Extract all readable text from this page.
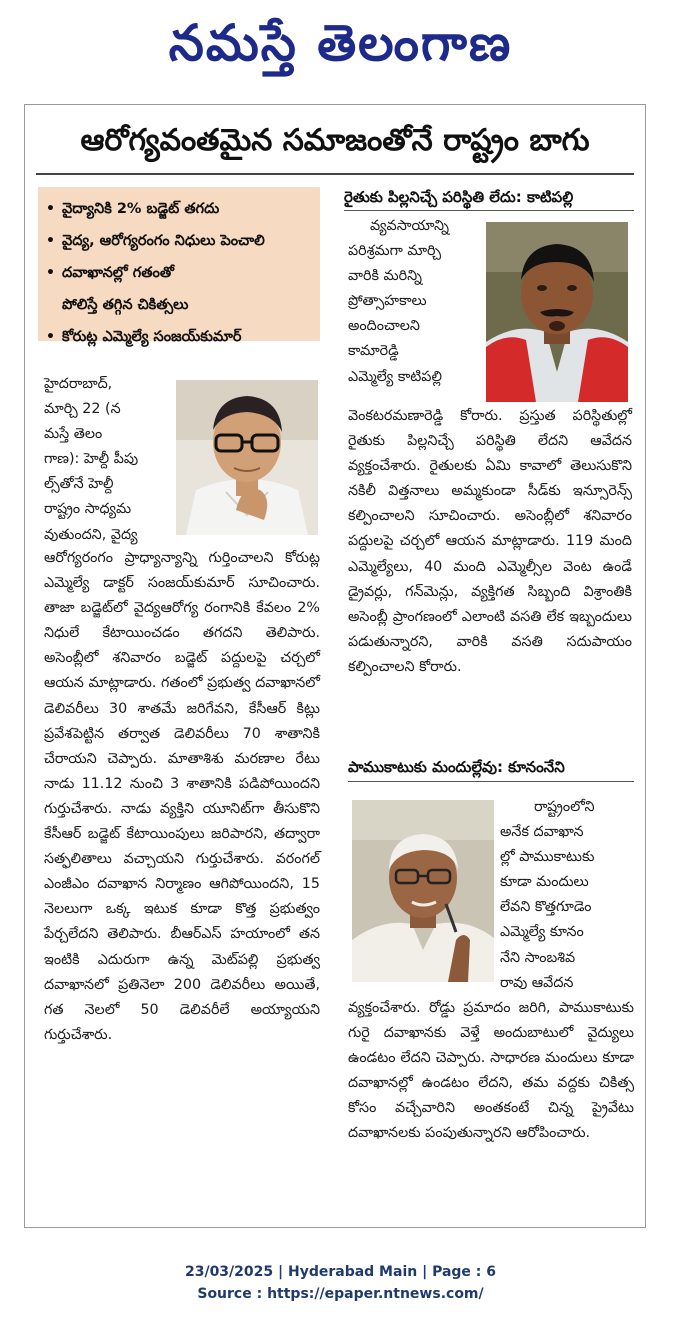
నమస్తే తెలంగాణ
ఆరోగ్యవంతమైన సమాజంతోనే రాష్ట్రం బాగు
• వైద్యానికి 2% బడ్జెట్ తగదు
• వైద్య, ఆరోగ్యరంగం నిధులు పెంచాలి
• దవాఖానల్లో గతంతో
పోలిస్తే తగ్గిన చికిత్సలు
• కోరుట్ల ఎమ్మెల్యే సంజయ్‌కుమార్
హైదరాబాద్,
మార్చి 22 (న
మస్తే తెలం
గాణ): హెల్దీ పీపు
ల్స్‌తోనే హెల్దీ
రాష్ట్రం సాధ్యమ
వుతుందని, వైద్య
ఆరోగ్యరంగం ప్రాధ్యాన్యాన్ని గుర్తించాలని కోరుట్ల ఎమ్మెల్యే డాక్టర్ సంజయ్‌కుమార్ సూచించారు. తాజా బడ్జెట్‌లో వైద్యఆరోగ్య రంగానికి కేవలం 2% నిధులే కేటాయించడం తగదని తెలిపారు. అసెంబ్లీలో శనివారం బడ్జెట్ పద్దులపై చర్చలో ఆయన మాట్లాడారు. గతంలో ప్రభుత్వ దవాఖానలో డెలివరీలు 30 శాతమే జరిగేవని, కేసీఆర్ కిట్లు ప్రవేశపెట్టిన తర్వాత డెలివరీలు 70 శాతానికి చేరాయని చెప్పారు. మాతాశిశు మరణాల రేటు నాడు 11.12 నుంచి 3 శాతానికి పడిపోయిందని గుర్తుచేశారు. నాడు వ్యక్తిని యూనిట్‌గా తీసుకొని కేసీఆర్ బడ్జెట్ కేటాయింపులు జరిపారని, తద్వారా సత్ఫలితాలు వచ్చాయని గుర్తుచేశారు. వరంగల్ ఎంజీఎం దవాఖాన నిర్మాణం ఆగిపోయిందని, 15 నెలలుగా ఒక్క ఇటుక కూడా కొత్త ప్రభుత్వం పేర్చలేదని తెలిపారు. బీఆర్‌ఎస్ హయాంలో తన ఇంటికి ఎదురుగా ఉన్న మెట్‌పల్లి ప్రభుత్వ దవాఖానలో ప్రతినెలా 200 డెలివరీలు అయితే, గత నెలలో 50 డెలివరీలే అయ్యాయని గుర్తుచేశారు.
రైతుకు పిల్లనిచ్చే పరిస్థితి లేదు: కాటిపల్లి
వ్యవసాయాన్ని
పరిశ్రమగా మార్చి
వారికి మరిన్ని
ప్రోత్సాహకాలు
అందించాలని
కామారెడ్డి
ఎమ్మెల్యే కాటిపల్లి
వెంకటరమణారెడ్డి కోరారు. ప్రస్తుత పరిస్థితుల్లో రైతుకు పిల్లనిచ్చే పరిస్థితి లేదని ఆవేదన వ్యక్తంచేశారు. రైతులకు ఏమి కావాలో తెలుసుకొని నకిలీ విత్తనాలు అమ్మకుండా సీడ్‌కు ఇన్సూరెన్స్ కల్పించాలని సూచించారు. అసెంబ్లీలో శనివారం పద్దులపై చర్చలో ఆయన మాట్లాడారు. 119 మంది ఎమ్మెల్యేలు, 40 మంది ఎమ్మెల్సీల వెంట ఉండే డ్రైవర్లు, గన్‌మెన్లు, వ్యక్తిగత సిబ్బంది విశ్రాంతికి అసెంబ్లీ ప్రాంగణంలో ఎలాంటి వసతి లేక ఇబ్బందులు పడుతున్నారని, వారికి వసతి సదుపాయం కల్పించాలని కోరారు.
పాముకాటుకు మందుల్లేవు: కూనంనేని
రాష్ట్రంలోని
అనేక దవాఖాన
ల్లో పాముకాటుకు
కూడా మందులు
లేవని కొత్తగూడెం
ఎమ్మెల్యే కూనం
నేని సాంబశివ
రావు ఆవేదన
వ్యక్తంచేశారు. రోడ్డు ప్రమాదం జరిగి, పాముకాటుకు గురై దవాఖానకు వెళ్తే అందుబాటులో వైద్యులు ఉండటం లేదని చెప్పారు. సాధారణ మందులు కూడా దవాఖానల్లో ఉండటం లేదని, తమ వద్దకు చికిత్స కోసం వచ్చేవారిని అంతకంటే చిన్న ప్రైవేటు దవాఖానలకు పంపుతున్నారని ఆరోపించారు.
23/03/2025 | Hyderabad Main | Page : 6
Source : https://epaper.ntnews.com/
